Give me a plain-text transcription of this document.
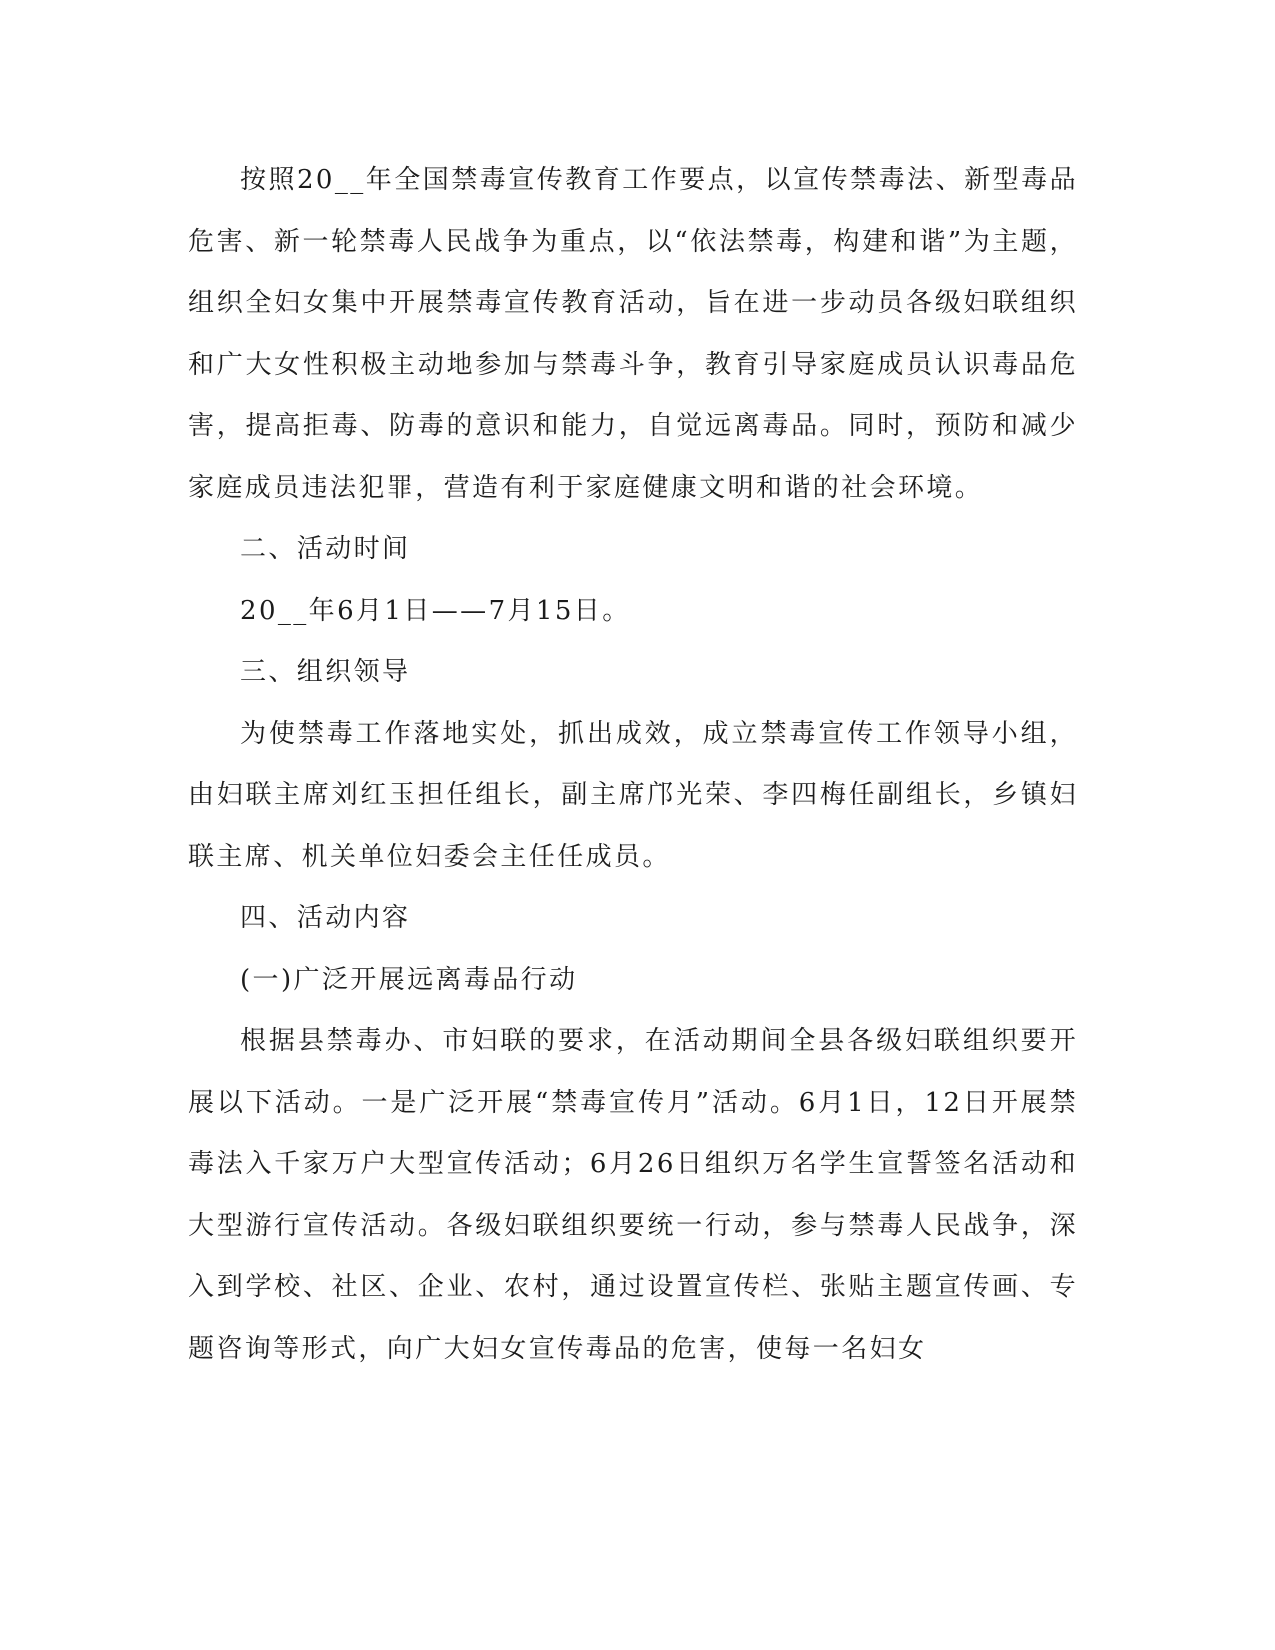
按照20__年全国禁毒宣传教育工作要点，以宣传禁毒法、新型毒品危害、新一轮禁毒人民战争为重点，以“依法禁毒，构建和谐”为主题，组织全妇女集中开展禁毒宣传教育活动，旨在进一步动员各级妇联组织和广大女性积极主动地参加与禁毒斗争，教育引导家庭成员认识毒品危害，提高拒毒、防毒的意识和能力，自觉远离毒品。同时，预防和减少家庭成员违法犯罪，营造有利于家庭健康文明和谐的社会环境。

二、活动时间

20__年6月1日——7月15日。

三、组织领导

为使禁毒工作落地实处，抓出成效，成立禁毒宣传工作领导小组，由妇联主席刘红玉担任组长，副主席邝光荣、李四梅任副组长，乡镇妇联主席、机关单位妇委会主任任成员。

四、活动内容

(一)广泛开展远离毒品行动

根据县禁毒办、市妇联的要求，在活动期间全县各级妇联组织要开展以下活动。一是广泛开展“禁毒宣传月”活动。6月1日，12日开展禁毒法入千家万户大型宣传活动；6月26日组织万名学生宣誓签名活动和大型游行宣传活动。各级妇联组织要统一行动，参与禁毒人民战争，深入到学校、社区、企业、农村，通过设置宣传栏、张贴主题宣传画、专题咨询等形式，向广大妇女宣传毒品的危害，使每一名妇女
